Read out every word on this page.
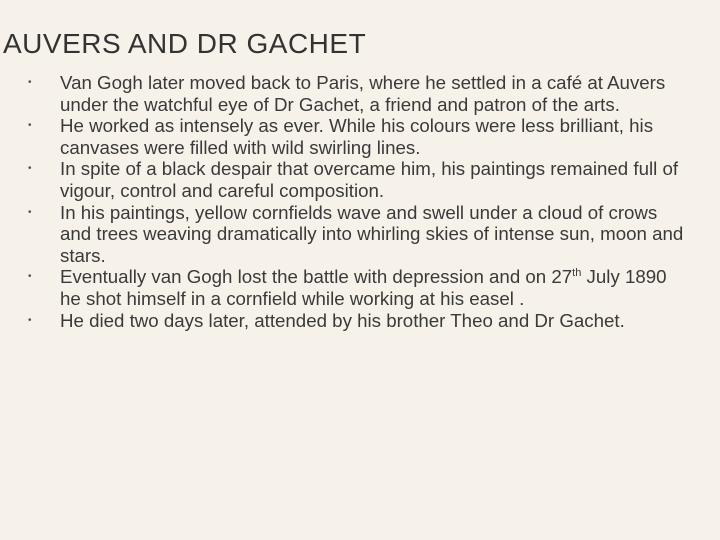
AUVERS AND DR GACHET
• Van Gogh later moved back to Paris, where he settled in a café at Auvers under the watchful eye of Dr Gachet, a friend and patron of the arts.
• He worked as intensely as ever. While his colours were less brilliant, his canvases were filled with wild swirling lines.
• In spite of a black despair that overcame him, his paintings remained full of vigour, control and careful composition.
• In his paintings, yellow cornfields wave and swell under a cloud of crows and trees weaving dramatically into whirling skies of intense sun, moon and stars.
• Eventually van Gogh lost the battle with depression and on 27th July 1890 he shot himself in a cornfield while working at his easel .
• He died two days later, attended by his brother Theo and Dr Gachet.
